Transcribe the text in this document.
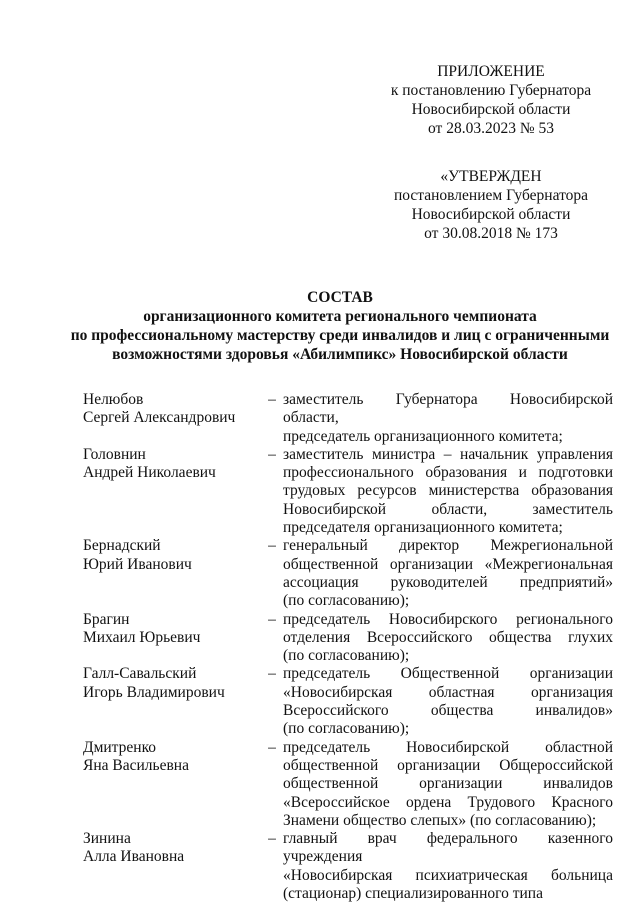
ПРИЛОЖЕНИЕ
к постановлению Губернатора
Новосибирской области
от 28.03.2023 № 53
«УТВЕРЖДЕН
постановлением Губернатора
Новосибирской области
от 30.08.2018 № 173
СОСТАВ
организационного комитета регионального чемпионата
по профессиональному мастерству среди инвалидов и лиц с ограниченными
возможностями здоровья «Абилимпикс» Новосибирской области
Нелюбов
Сергей Александрович
– заместитель Губернатора Новосибирской области,
председатель организационного комитета;
Головнин
Андрей Николаевич
– заместитель министра – начальник управления
профессионального образования и подготовки
трудовых ресурсов министерства образования
Новосибирской области, заместитель
председателя организационного комитета;
Бернадский
Юрий Иванович
– генеральный директор Межрегиональной
общественной организации «Межрегиональная
ассоциация руководителей предприятий»
(по согласованию);
Брагин
Михаил Юрьевич
– председатель Новосибирского регионального
отделения Всероссийского общества глухих
(по согласованию);
Галл-Савальский
Игорь Владимирович
– председатель Общественной организации
«Новосибирская областная организация
Всероссийского общества инвалидов»
(по согласованию);
Дмитренко
Яна Васильевна
– председатель Новосибирской областной
общественной организации Общероссийской
общественной организации инвалидов
«Всероссийское ордена Трудового Красного
Знамени общество слепых» (по согласованию);
Зинина
Алла Ивановна
– главный врач федерального казенного учреждения
«Новосибирская психиатрическая больница
(стационар) специализированного типа
